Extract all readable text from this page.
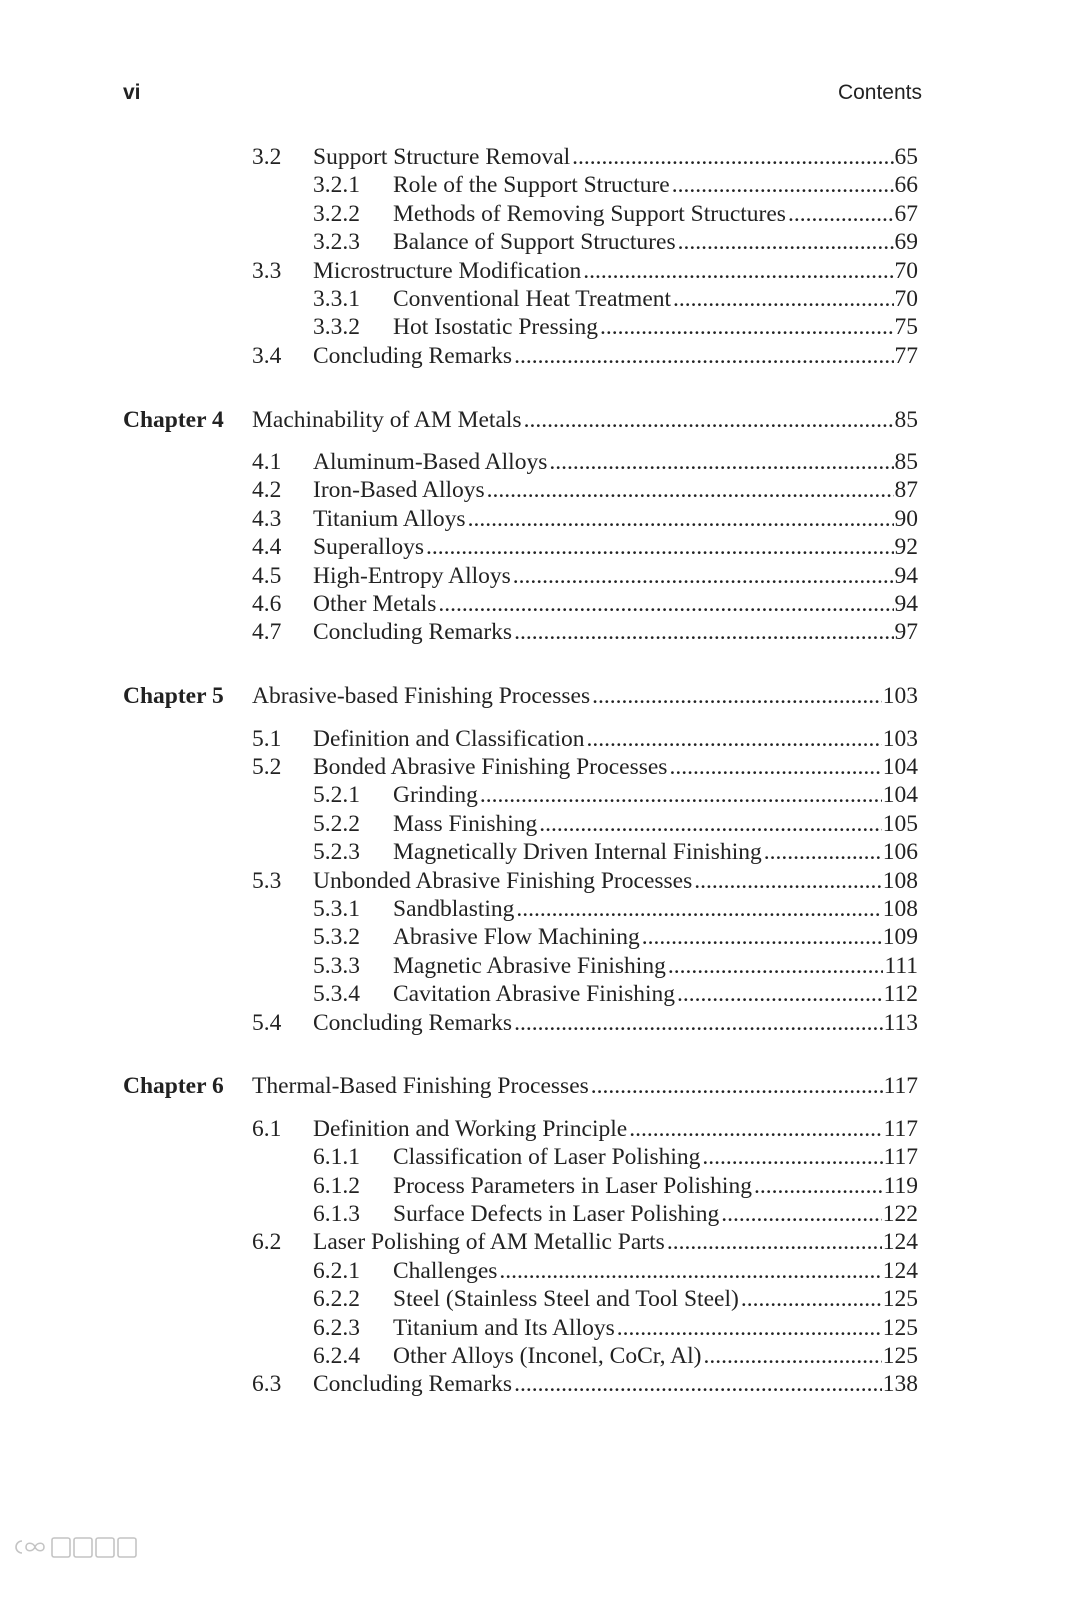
vi	Contents
3.2 Support Structure Removal .....	65
3.2.1 Role of the Support Structure .....	66
3.2.2 Methods of Removing Support Structures .....	67
3.2.3 Balance of Support Structures .....	69
3.3 Microstructure Modification .....	70
3.3.1 Conventional Heat Treatment .....	70
3.3.2 Hot Isostatic Pressing .....	75
3.4 Concluding Remarks .....	77
Chapter 4 Machinability of AM Metals .....	85
4.1 Aluminum-Based Alloys .....	85
4.2 Iron-Based Alloys .....	87
4.3 Titanium Alloys .....	90
4.4 Superalloys .....	92
4.5 High-Entropy Alloys .....	94
4.6 Other Metals .....	94
4.7 Concluding Remarks .....	97
Chapter 5 Abrasive-based Finishing Processes .....	103
5.1 Definition and Classification .....	103
5.2 Bonded Abrasive Finishing Processes .....	104
5.2.1 Grinding .....	104
5.2.2 Mass Finishing .....	105
5.2.3 Magnetically Driven Internal Finishing .....	106
5.3 Unbonded Abrasive Finishing Processes .....	108
5.3.1 Sandblasting .....	108
5.3.2 Abrasive Flow Machining .....	109
5.3.3 Magnetic Abrasive Finishing .....	111
5.3.4 Cavitation Abrasive Finishing .....	112
5.4 Concluding Remarks .....	113
Chapter 6 Thermal-Based Finishing Processes .....	117
6.1 Definition and Working Principle .....	117
6.1.1 Classification of Laser Polishing .....	117
6.1.2 Process Parameters in Laser Polishing .....	119
6.1.3 Surface Defects in Laser Polishing .....	122
6.2 Laser Polishing of AM Metallic Parts .....	124
6.2.1 Challenges .....	124
6.2.2 Steel (Stainless Steel and Tool Steel) .....	125
6.2.3 Titanium and Its Alloys .....	125
6.2.4 Other Alloys (Inconel, CoCr, Al) .....	125
6.3 Concluding Remarks .....	138
